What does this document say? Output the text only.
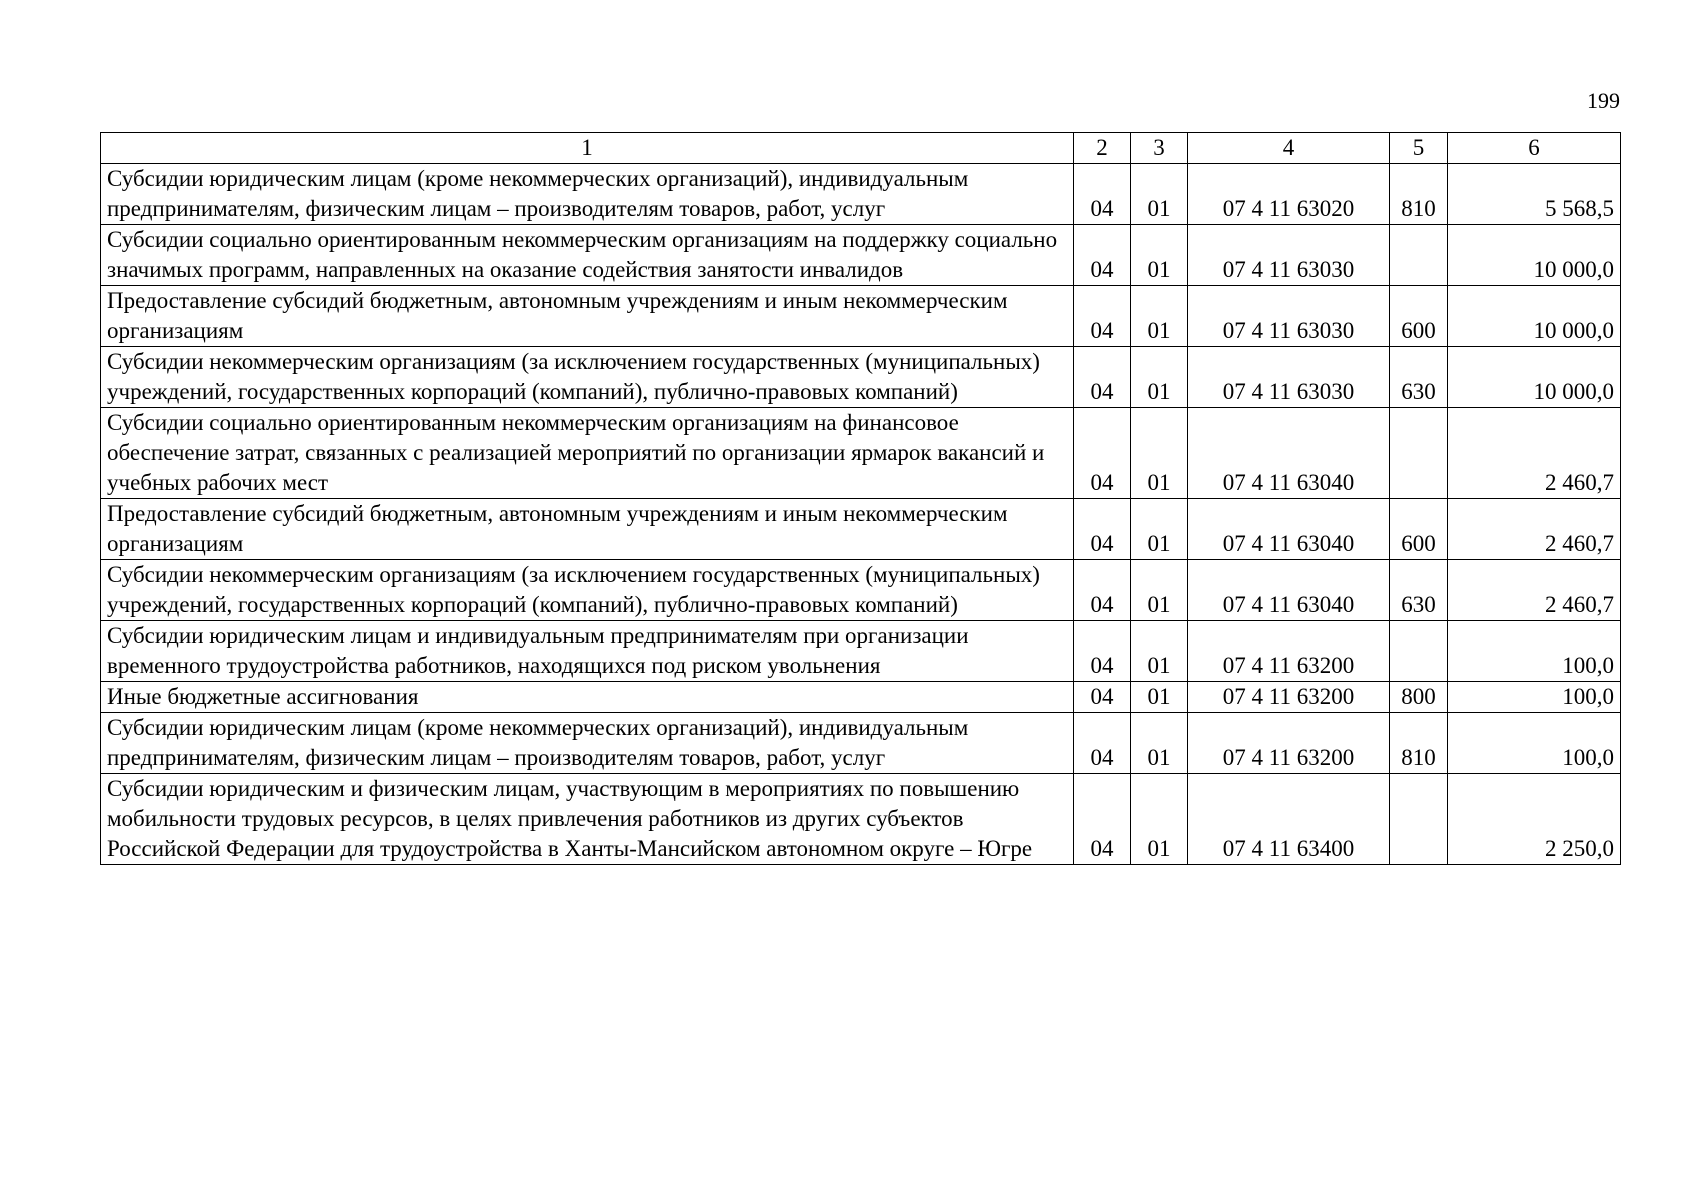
199
1	2	3	4	5	6
Субсидии юридическим лицам (кроме некоммерческих организаций), индивидуальным предпринимателям, физическим лицам – производителям товаров, работ, услуг	04	01	07 4 11 63020	810	5 568,5
Субсидии социально ориентированным некоммерческим организациям на поддержку социально значимых программ, направленных на оказание содействия занятости инвалидов	04	01	07 4 11 63030		10 000,0
Предоставление субсидий бюджетным, автономным учреждениям и иным некоммерческим организациям	04	01	07 4 11 63030	600	10 000,0
Субсидии некоммерческим организациям (за исключением государственных (муниципальных) учреждений, государственных корпораций (компаний), публично-правовых компаний)	04	01	07 4 11 63030	630	10 000,0
Субсидии социально ориентированным некоммерческим организациям на финансовое обеспечение затрат, связанных с реализацией мероприятий по организации ярмарок вакансий и учебных рабочих мест	04	01	07 4 11 63040		2 460,7
Предоставление субсидий бюджетным, автономным учреждениям и иным некоммерческим организациям	04	01	07 4 11 63040	600	2 460,7
Субсидии некоммерческим организациям (за исключением государственных (муниципальных) учреждений, государственных корпораций (компаний), публично-правовых компаний)	04	01	07 4 11 63040	630	2 460,7
Субсидии юридическим лицам и индивидуальным предпринимателям при организации временного трудоустройства работников, находящихся под риском увольнения	04	01	07 4 11 63200		100,0
Иные бюджетные ассигнования	04	01	07 4 11 63200	800	100,0
Субсидии юридическим лицам (кроме некоммерческих организаций), индивидуальным предпринимателям, физическим лицам – производителям товаров, работ, услуг	04	01	07 4 11 63200	810	100,0
Субсидии юридическим и физическим лицам, участвующим в мероприятиях по повышению мобильности трудовых ресурсов, в целях привлечения работников из других субъектов Российской Федерации для трудоустройства в Ханты-Мансийском автономном округе – Югре	04	01	07 4 11 63400		2 250,0
